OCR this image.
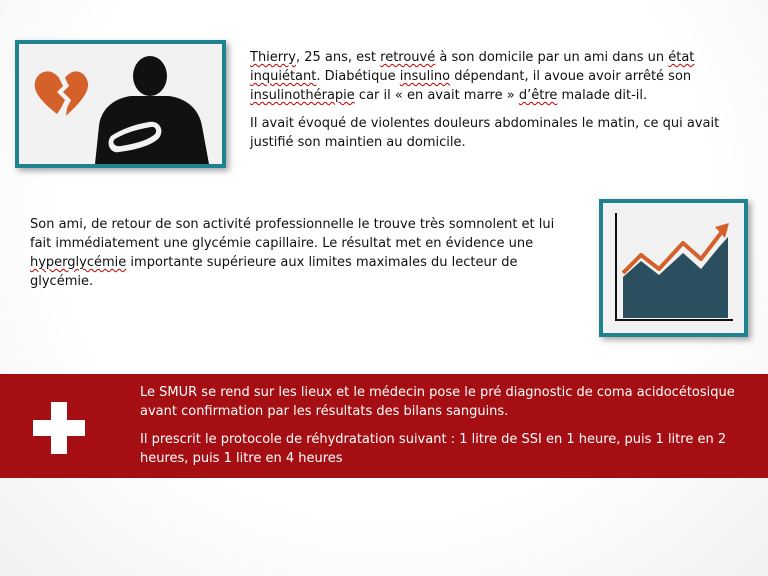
Thierry, 25 ans, est retrouvé à son domicile par un ami dans un état inquiétant. Diabétique insulino dépendant, il avoue avoir arrêté son insulinothérapie car il « en avait marre » d’être malade dit-il.

Il avait évoqué de violentes douleurs abdominales le matin, ce qui avait justifié son maintien au domicile.

Son ami, de retour de son activité professionnelle le trouve très somnolent et lui fait immédiatement une glycémie capillaire. Le résultat met en évidence une hyperglycémie importante supérieure aux limites maximales du lecteur de glycémie.

Le SMUR se rend sur les lieux et le médecin pose le pré diagnostic de coma acidocétosique avant confirmation par les résultats des bilans sanguins.

Il prescrit le protocole de réhydratation suivant : 1 litre de SSI en 1 heure, puis 1 litre en 2 heures, puis 1 litre en 4 heures
